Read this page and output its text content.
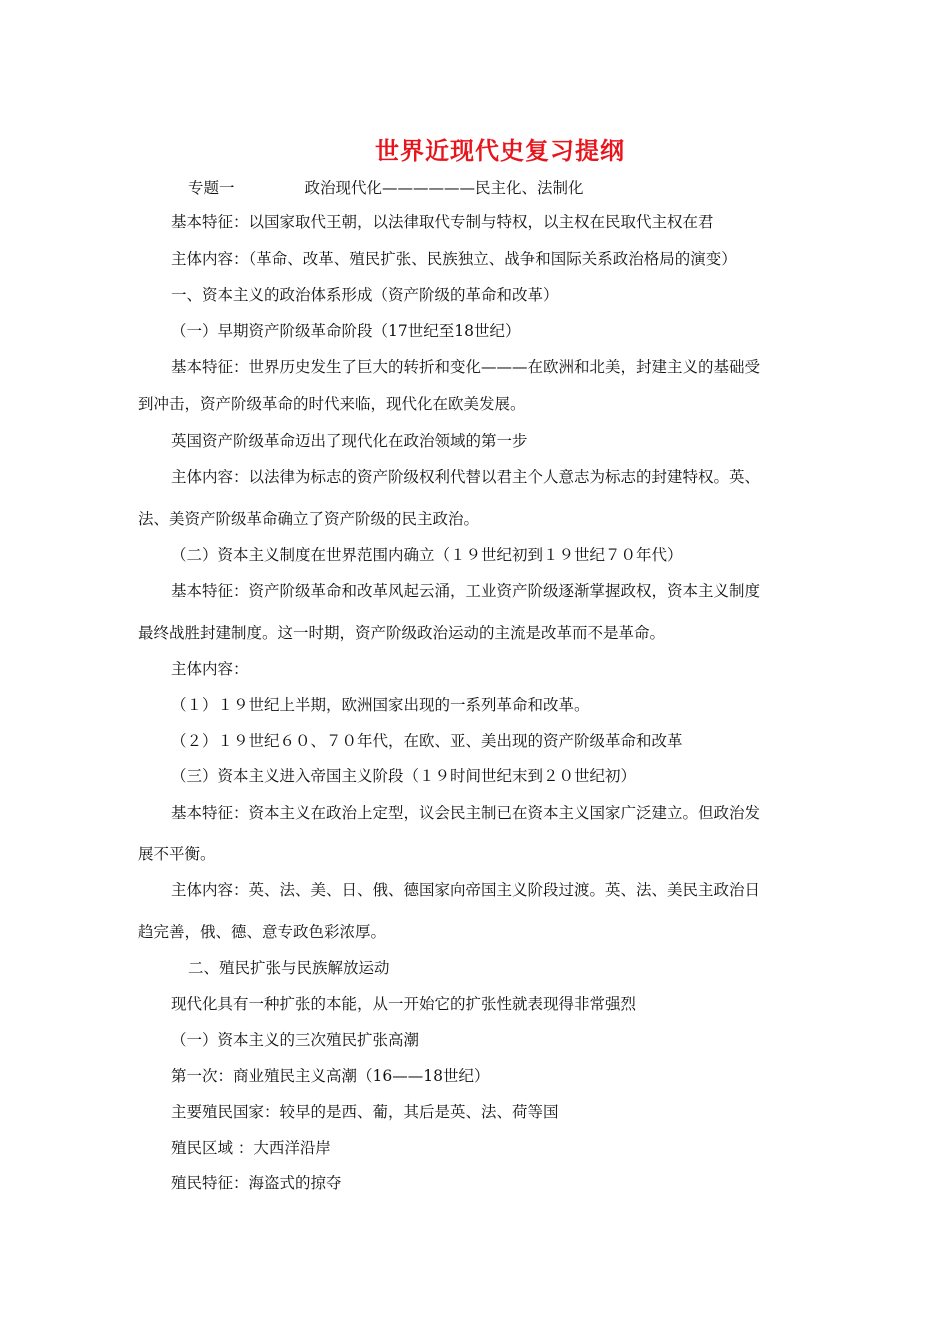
世界近现代史复习提纲
专题一	政治现代化——————民主化、法制化
基本特征：以国家取代王朝，以法律取代专制与特权，以主权在民取代主权在君
主体内容：（革命、改革、殖民扩张、民族独立、战争和国际关系政治格局的演变）
一、资本主义的政治体系形成（资产阶级的革命和改革）
（一）早期资产阶级革命阶段（17世纪至18世纪）
基本特征：世界历史发生了巨大的转折和变化———在欧洲和北美，封建主义的基础受
到冲击，资产阶级革命的时代来临，现代化在欧美发展。
英国资产阶级革命迈出了现代化在政治领域的第一步
主体内容：以法律为标志的资产阶级权利代替以君主个人意志为标志的封建特权。英、
法、美资产阶级革命确立了资产阶级的民主政治。
（二）资本主义制度在世界范围内确立（１９世纪初到１９世纪７０年代）
基本特征：资产阶级革命和改革风起云涌，工业资产阶级逐渐掌握政权，资本主义制度
最终战胜封建制度。这一时期，资产阶级政治运动的主流是改革而不是革命。
主体内容：
（１）１９世纪上半期，欧洲国家出现的一系列革命和改革。
（２）１９世纪６０、７０年代，在欧、亚、美出现的资产阶级革命和改革
（三）资本主义进入帝国主义阶段（１９时间世纪末到２０世纪初）
基本特征：资本主义在政治上定型，议会民主制已在资本主义国家广泛建立。但政治发
展不平衡。
主体内容：英、法、美、日、俄、德国家向帝国主义阶段过渡。英、法、美民主政治日
趋完善，俄、德、意专政色彩浓厚。
二、殖民扩张与民族解放运动
现代化具有一种扩张的本能，从一开始它的扩张性就表现得非常强烈
（一）资本主义的三次殖民扩张高潮
第一次：商业殖民主义高潮（16——18世纪）
主要殖民国家：较早的是西、葡，其后是英、法、荷等国
殖民区域 ：大西洋沿岸
殖民特征：海盗式的掠夺
